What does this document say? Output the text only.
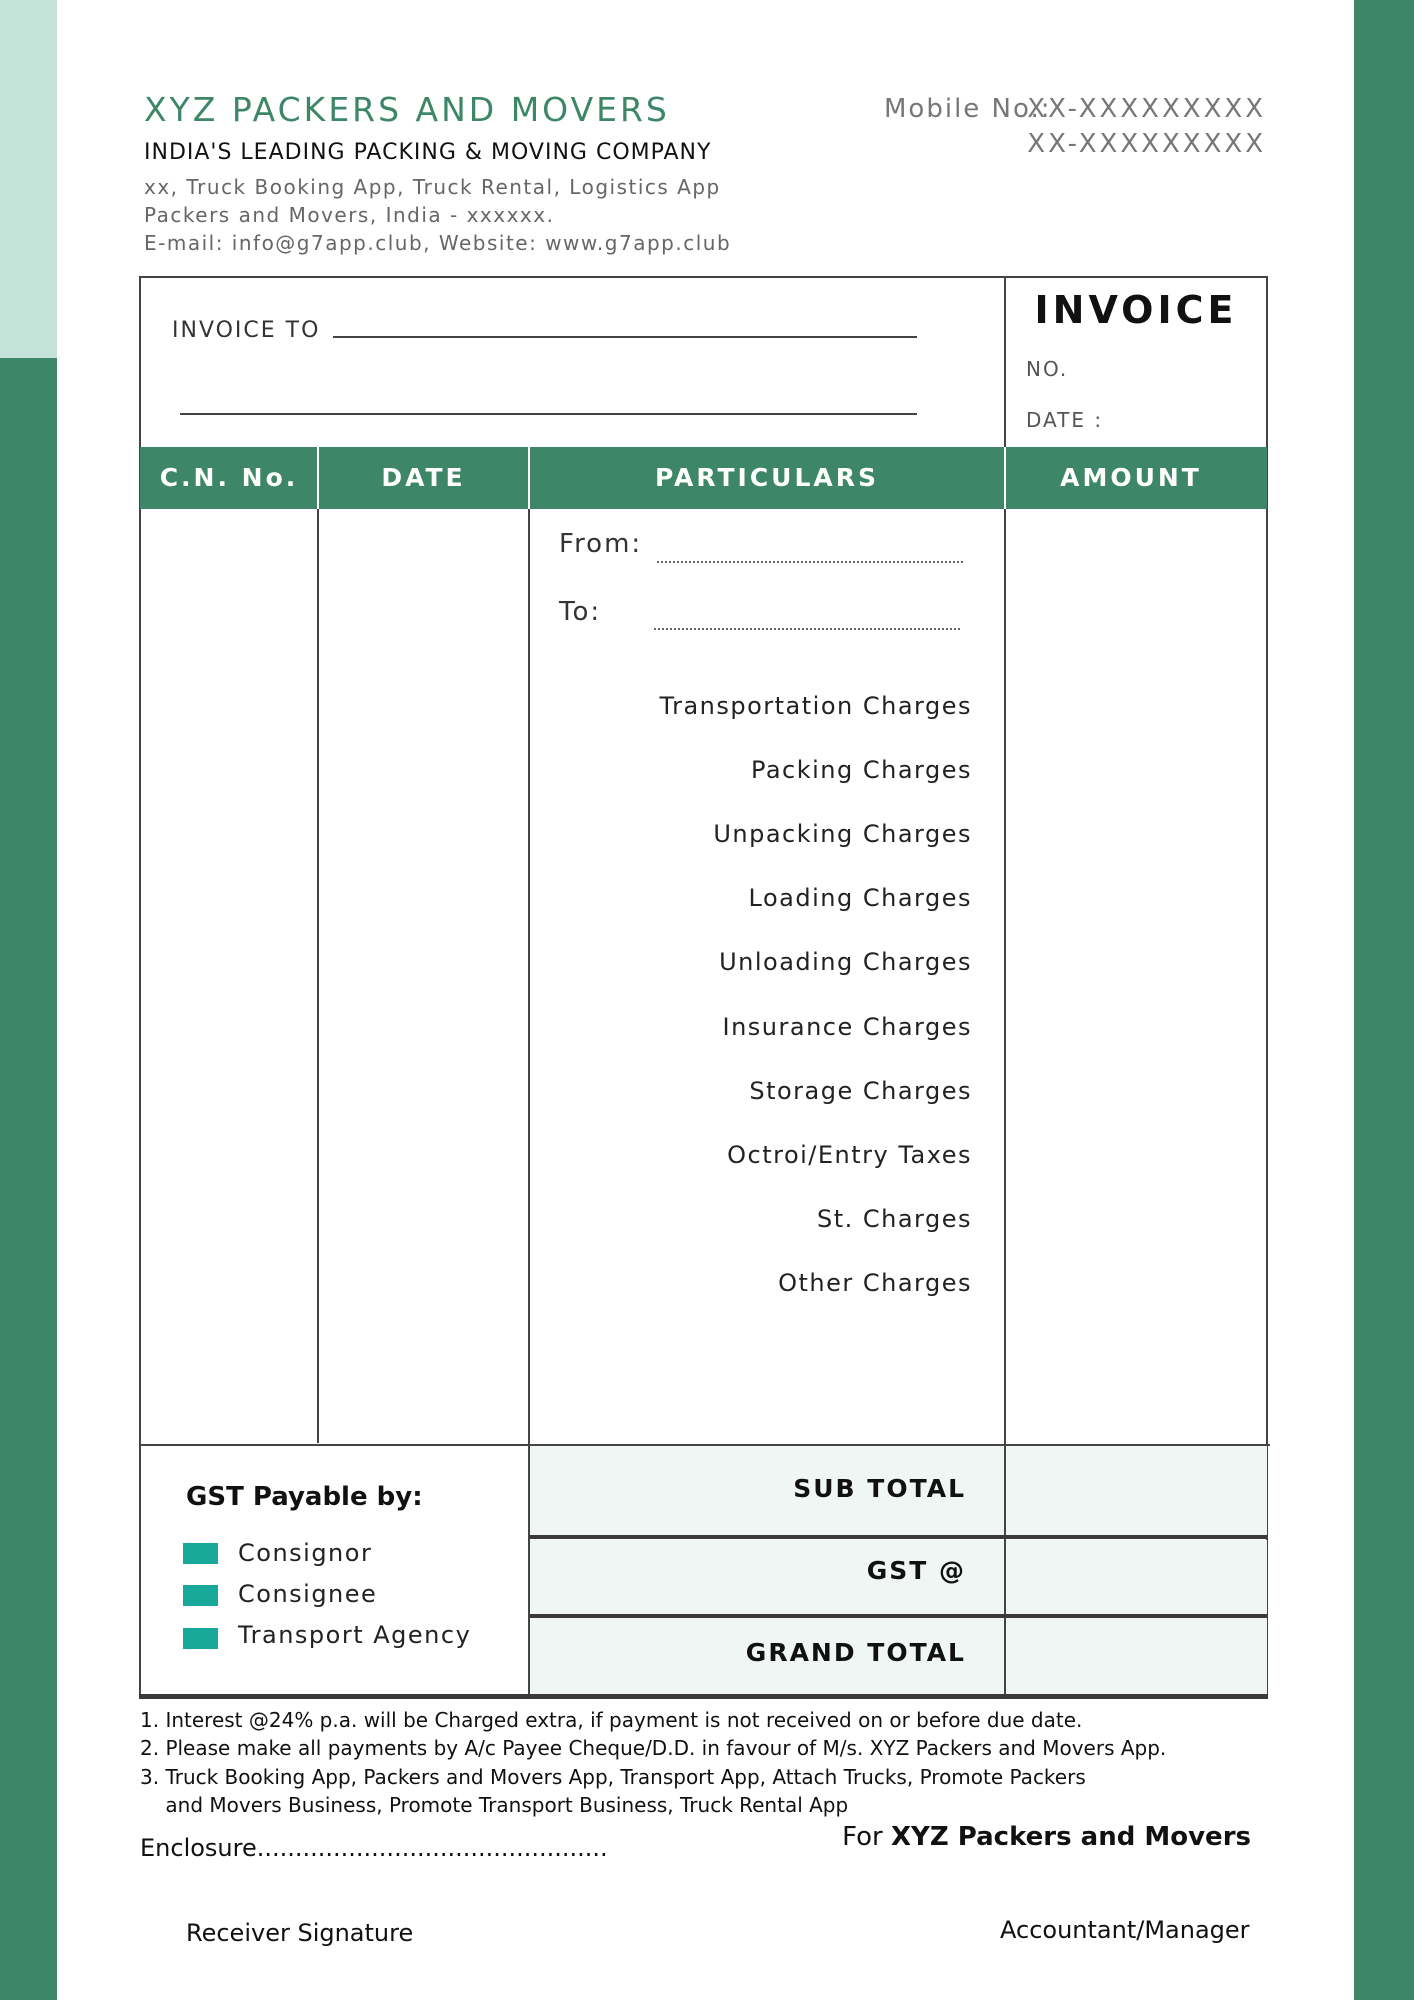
XYZ PACKERS AND MOVERS
INDIA'S LEADING PACKING & MOVING COMPANY
xx, Truck Booking App, Truck Rental, Logistics App
Packers and Movers, India - xxxxxx.
E-mail: info@g7app.club, Website: www.g7app.club
Mobile No.:
XX-XXXXXXXXX
XX-XXXXXXXXX
INVOICE TO	INVOICE
NO.
DATE :
C.N. No.	DATE	PARTICULARS	AMOUNT
From:
To:
Transportation Charges
Packing Charges
Unpacking Charges
Loading Charges
Unloading Charges
Insurance Charges
Storage Charges
Octroi/Entry Taxes
St. Charges
Other Charges
SUB TOTAL
GST @
GRAND TOTAL
GST Payable by:
Consignor
Consignee
Transport Agency
1. Interest @24% p.a. will be Charged extra, if payment is not received on or before due date.
2. Please make all payments by A/c Payee Cheque/D.D. in favour of M/s. XYZ Packers and Movers App.
3. Truck Booking App, Packers and Movers App, Transport App, Attach Trucks, Promote Packers
and Movers Business, Promote Transport Business, Truck Rental App
Enclosure..............................................	For XYZ Packers and Movers
Receiver Signature	Accountant/Manager
